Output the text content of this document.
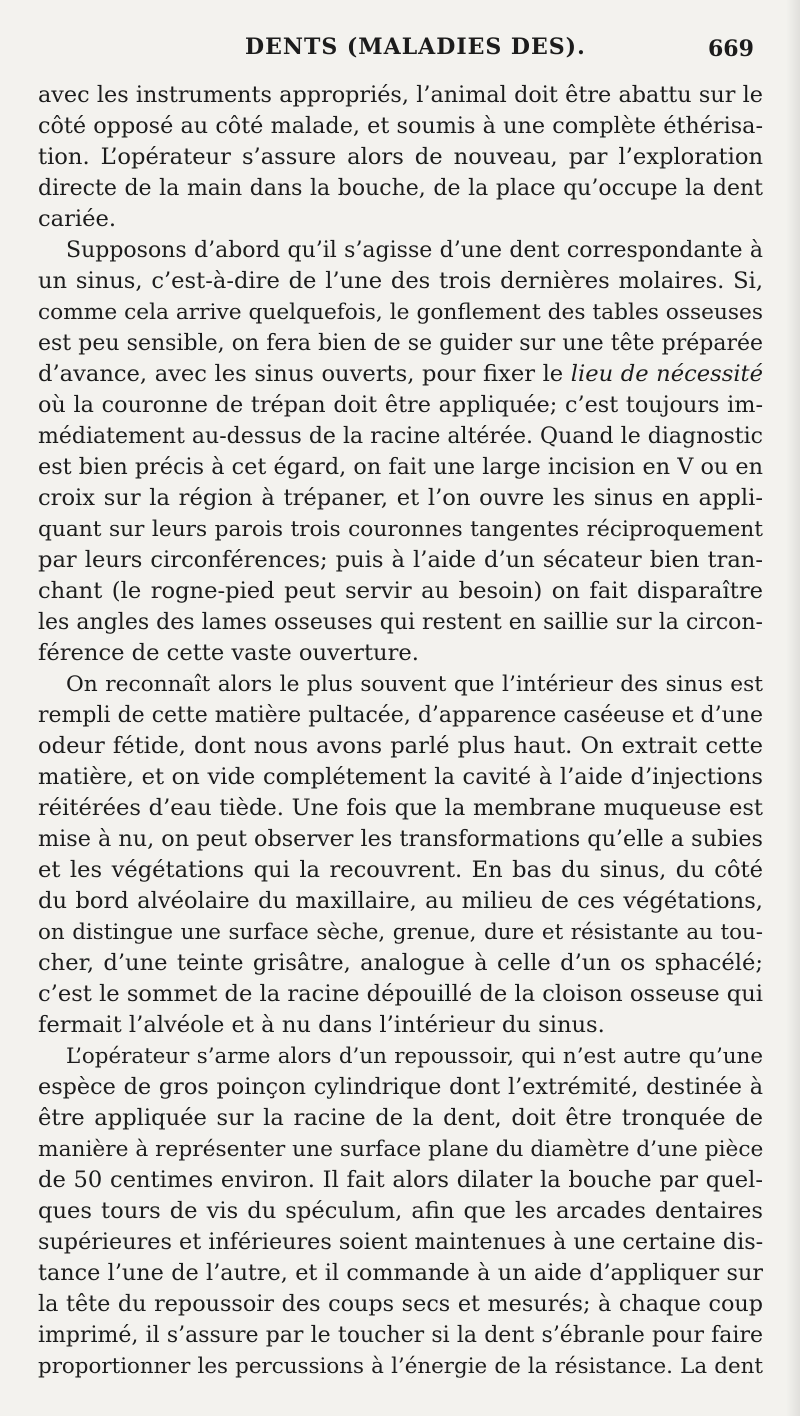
DENTS (MALADIES DES).	669
avec les instruments appropriés, l’animal doit être abattu sur le
côté opposé au côté malade, et soumis à une complète éthérisa-
tion. L’opérateur s’assure alors de nouveau, par l’exploration
directe de la main dans la bouche, de la place qu’occupe la dent
cariée.
Supposons d’abord qu’il s’agisse d’une dent correspondante à
un sinus, c’est-à-dire de l’une des trois dernières molaires. Si,
comme cela arrive quelquefois, le gonflement des tables osseuses
est peu sensible, on fera bien de se guider sur une tête préparée
d’avance, avec les sinus ouverts, pour fixer le lieu de nécessité
où la couronne de trépan doit être appliquée; c’est toujours im-
médiatement au-dessus de la racine altérée. Quand le diagnostic
est bien précis à cet égard, on fait une large incision en V ou en
croix sur la région à trépaner, et l’on ouvre les sinus en appli-
quant sur leurs parois trois couronnes tangentes réciproquement
par leurs circonférences; puis à l’aide d’un sécateur bien tran-
chant (le rogne-pied peut servir au besoin) on fait disparaître
les angles des lames osseuses qui restent en saillie sur la circon-
férence de cette vaste ouverture.
On reconnaît alors le plus souvent que l’intérieur des sinus est
rempli de cette matière pultacée, d’apparence caséeuse et d’une
odeur fétide, dont nous avons parlé plus haut. On extrait cette
matière, et on vide complétement la cavité à l’aide d’injections
réitérées d’eau tiède. Une fois que la membrane muqueuse est
mise à nu, on peut observer les transformations qu’elle a subies
et les végétations qui la recouvrent. En bas du sinus, du côté
du bord alvéolaire du maxillaire, au milieu de ces végétations,
on distingue une surface sèche, grenue, dure et résistante au tou-
cher, d’une teinte grisâtre, analogue à celle d’un os sphacélé;
c’est le sommet de la racine dépouillé de la cloison osseuse qui
fermait l’alvéole et à nu dans l’intérieur du sinus.
L’opérateur s’arme alors d’un repoussoir, qui n’est autre qu’une
espèce de gros poinçon cylindrique dont l’extrémité, destinée à
être appliquée sur la racine de la dent, doit être tronquée de
manière à représenter une surface plane du diamètre d’une pièce
de 50 centimes environ. Il fait alors dilater la bouche par quel-
ques tours de vis du spéculum, afin que les arcades dentaires
supérieures et inférieures soient maintenues à une certaine dis-
tance l’une de l’autre, et il commande à un aide d’appliquer sur
la tête du repoussoir des coups secs et mesurés; à chaque coup
imprimé, il s’assure par le toucher si la dent s’ébranle pour faire
proportionner les percussions à l’énergie de la résistance. La dent
